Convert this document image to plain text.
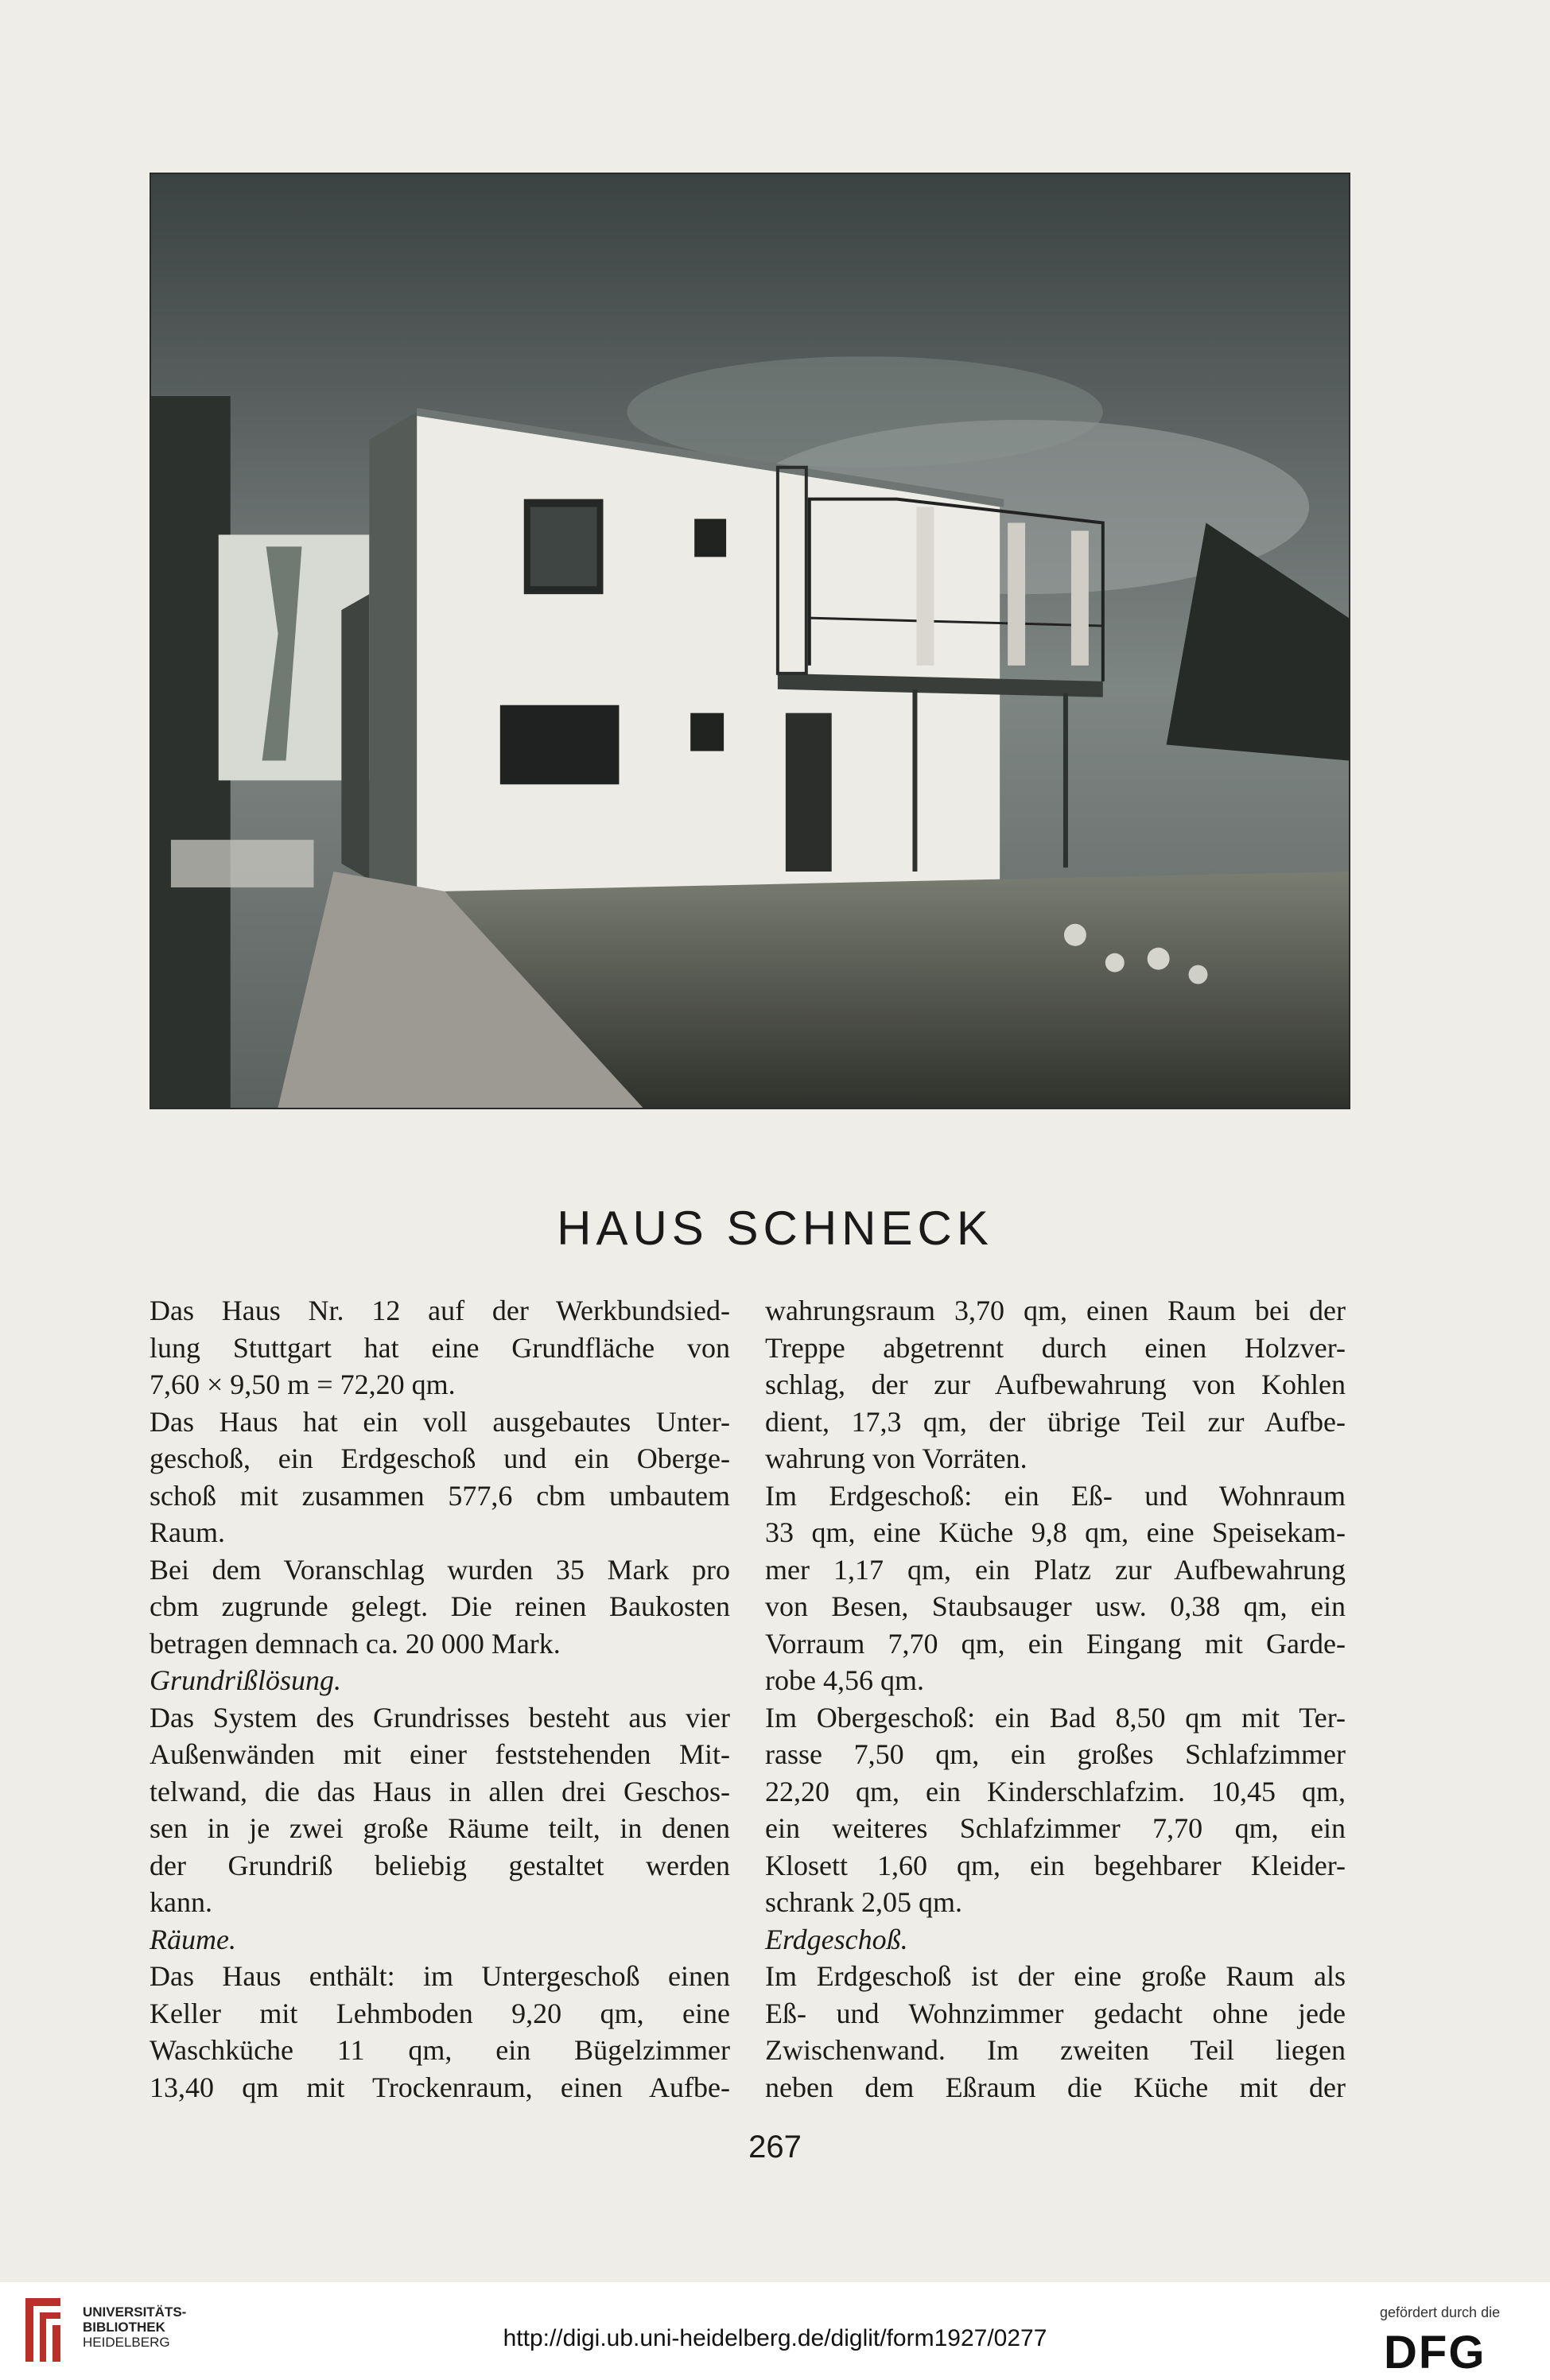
HAUS SCHNECK
Das Haus Nr. 12 auf der Werkbundsied-
lung Stuttgart hat eine Grundfläche von
7,60 × 9,50 m = 72,20 qm.
Das Haus hat ein voll ausgebautes Unter-
geschoß, ein Erdgeschoß und ein Oberge-
schoß mit zusammen 577,6 cbm umbautem
Raum.
Bei dem Voranschlag wurden 35 Mark pro
cbm zugrunde gelegt. Die reinen Baukosten
betragen demnach ca. 20 000 Mark.
Grundrißlösung.
Das System des Grundrisses besteht aus vier
Außenwänden mit einer feststehenden Mit-
telwand, die das Haus in allen drei Geschos-
sen in je zwei große Räume teilt, in denen
der Grundriß beliebig gestaltet werden
kann.
Räume.
Das Haus enthält: im Untergeschoß einen
Keller mit Lehmboden 9,20 qm, eine
Waschküche 11 qm, ein Bügelzimmer
13,40 qm mit Trockenraum, einen Aufbe-
wahrungsraum 3,70 qm, einen Raum bei der
Treppe abgetrennt durch einen Holzver-
schlag, der zur Aufbewahrung von Kohlen
dient, 17,3 qm, der übrige Teil zur Aufbe-
wahrung von Vorräten.
Im Erdgeschoß: ein Eß- und Wohnraum
33 qm, eine Küche 9,8 qm, eine Speisekam-
mer 1,17 qm, ein Platz zur Aufbewahrung
von Besen, Staubsauger usw. 0,38 qm, ein
Vorraum 7,70 qm, ein Eingang mit Garde-
robe 4,56 qm.
Im Obergeschoß: ein Bad 8,50 qm mit Ter-
rasse 7,50 qm, ein großes Schlafzimmer
22,20 qm, ein Kinderschlafzim. 10,45 qm,
ein weiteres Schlafzimmer 7,70 qm, ein
Klosett 1,60 qm, ein begehbarer Kleider-
schrank 2,05 qm.
Erdgeschoß.
Im Erdgeschoß ist der eine große Raum als
Eß- und Wohnzimmer gedacht ohne jede
Zwischenwand. Im zweiten Teil liegen
neben dem Eßraum die Küche mit der
267
UNIVERSITÄTS-
BIBLIOTHEK
HEIDELBERG	http://digi.ub.uni-heidelberg.de/diglit/form1927/0277
gefördert durch die
DFG
